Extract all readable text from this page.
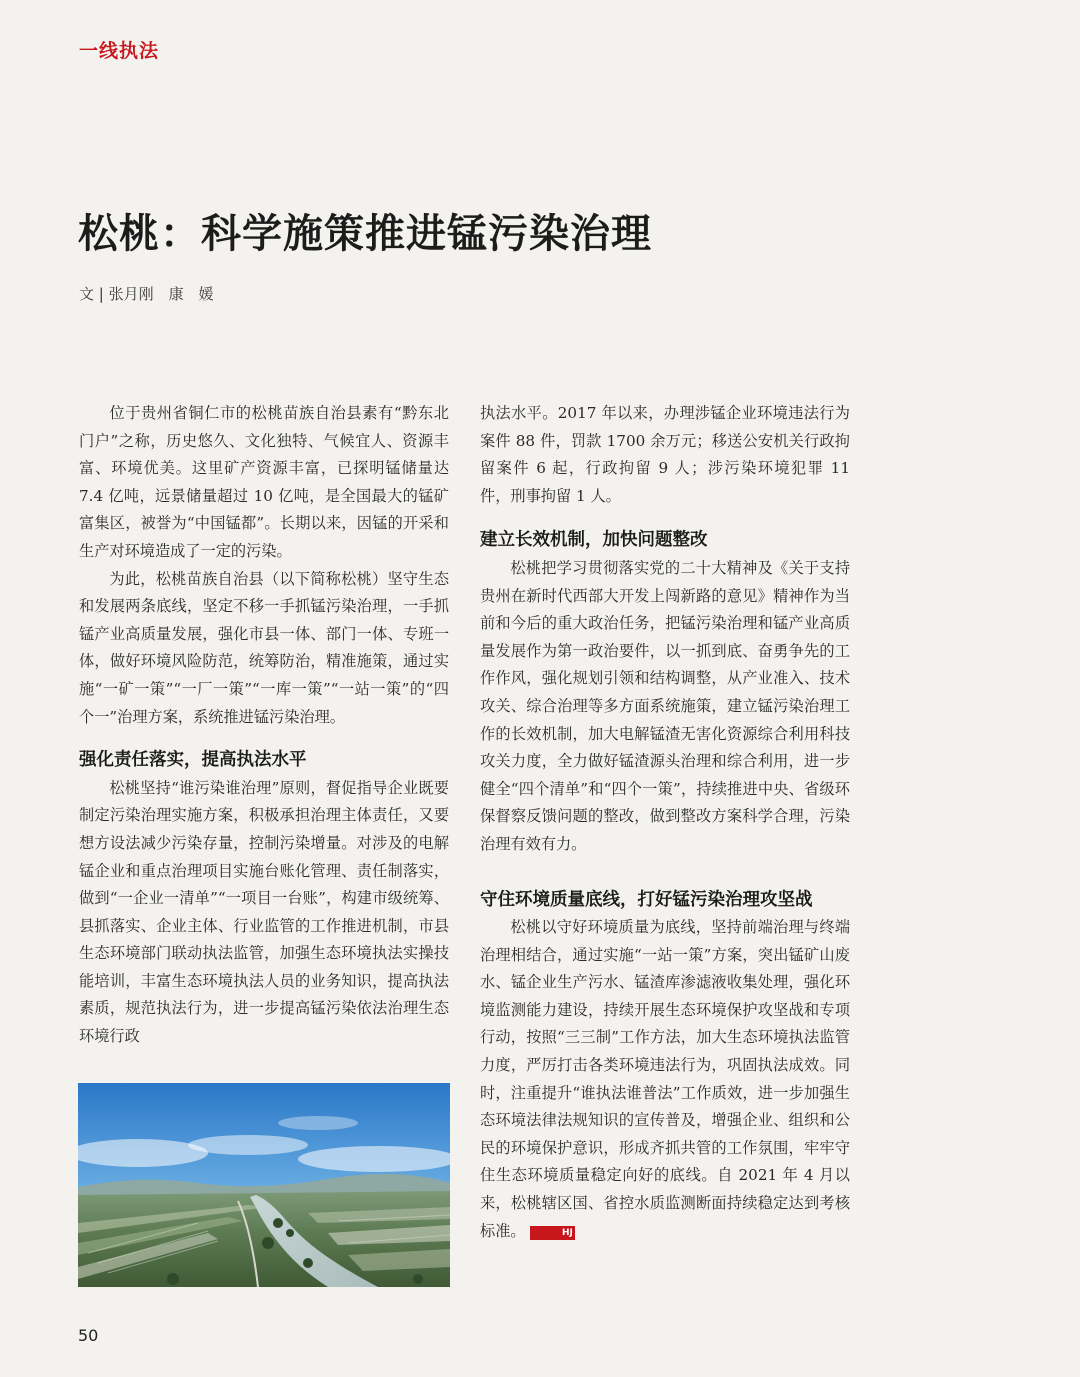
一线执法
松桃：科学施策推进锰污染治理
文 | 张月刚　康　媛

位于贵州省铜仁市的松桃苗族自治县素有“黔东北门户”之称，历史悠久、文化独特、气候宜人、资源丰富、环境优美。这里矿产资源丰富，已探明锰储量达 7.4 亿吨，远景储量超过 10 亿吨，是全国最大的锰矿富集区，被誉为“中国锰都”。长期以来，因锰的开采和生产对环境造成了一定的污染。

为此，松桃苗族自治县（以下简称松桃）坚守生态和发展两条底线，坚定不移一手抓锰污染治理，一手抓锰产业高质量发展，强化市县一体、部门一体、专班一体，做好环境风险防范，统筹防治，精准施策，通过实施“一矿一策”“一厂一策”“一库一策”“一站一策”的“四个一”治理方案，系统推进锰污染治理。

强化责任落实，提高执法水平

松桃坚持“谁污染谁治理”原则，督促指导企业既要制定污染治理实施方案，积极承担治理主体责任，又要想方设法减少污染存量，控制污染增量。对涉及的电解锰企业和重点治理项目实施台账化管理、责任制落实，做到“一企业一清单”“一项目一台账”，构建市级统筹、县抓落实、企业主体、行业监管的工作推进机制，市县生态环境部门联动执法监管，加强生态环境执法实操技能培训，丰富生态环境执法人员的业务知识，提高执法素质，规范执法行为，进一步提高锰污染依法治理生态环境行政

执法水平。2017 年以来，办理涉锰企业环境违法行为案件 88 件，罚款 1700 余万元；移送公安机关行政拘留案件 6 起，行政拘留 9 人；涉污染环境犯罪 11 件，刑事拘留 1 人。

建立长效机制，加快问题整改

松桃把学习贯彻落实党的二十大精神及《关于支持贵州在新时代西部大开发上闯新路的意见》精神作为当前和今后的重大政治任务，把锰污染治理和锰产业高质量发展作为第一政治要件，以一抓到底、奋勇争先的工作作风，强化规划引领和结构调整，从产业准入、技术攻关、综合治理等多方面系统施策，建立锰污染治理工作的长效机制，加大电解锰渣无害化资源综合利用科技攻关力度，全力做好锰渣源头治理和综合利用，进一步健全“四个清单”和“四个一策”，持续推进中央、省级环保督察反馈问题的整改，做到整改方案科学合理，污染治理有效有力。

守住环境质量底线，打好锰污染治理攻坚战

松桃以守好环境质量为底线，坚持前端治理与终端治理相结合，通过实施“一站一策”方案，突出锰矿山废水、锰企业生产污水、锰渣库渗滤液收集处理，强化环境监测能力建设，持续开展生态环境保护攻坚战和专项行动，按照“三三制”工作方法，加大生态环境执法监管力度，严厉打击各类环境违法行为，巩固执法成效。同时，注重提升“谁执法谁普法”工作质效，进一步加强生态环境法律法规知识的宣传普及，增强企业、组织和公民的环境保护意识，形成齐抓共管的工作氛围，牢牢守住生态环境质量稳定向好的底线。自 2021 年 4 月以来，松桃辖区国、省控水质监测断面持续稳定达到考核标准。	HJ

50
